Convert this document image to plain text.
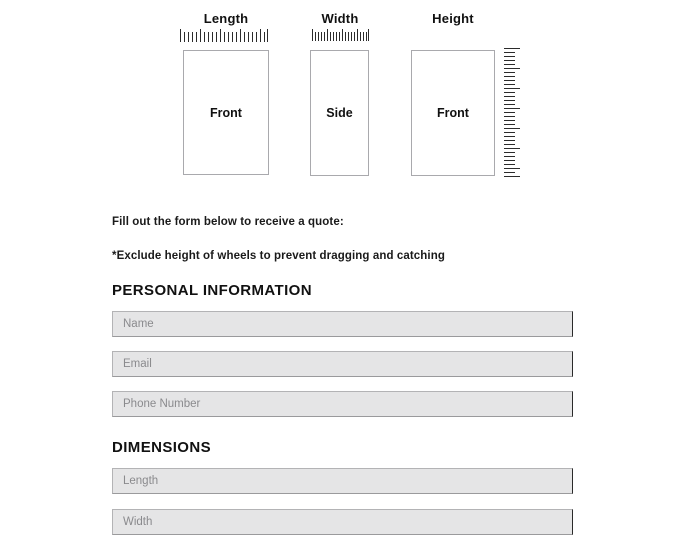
Length
Front
Width
Side
Height
Front

Fill out the form below to receive a quote:

*Exclude height of wheels to prevent dragging and catching

PERSONAL INFORMATION
Name
Email
Phone Number
DIMENSIONS
Length
Width
